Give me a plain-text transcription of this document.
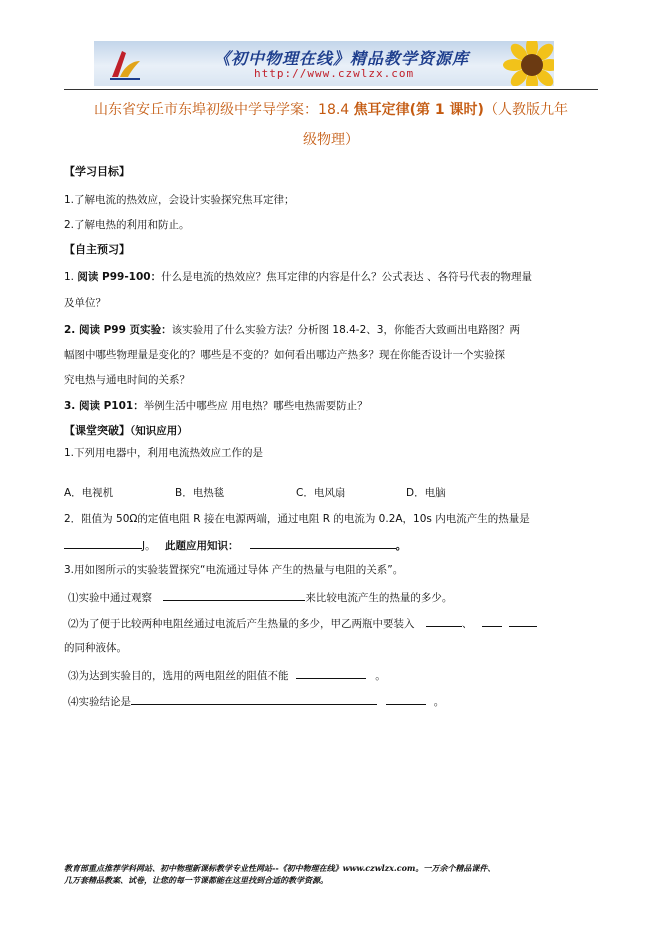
《初中物理在线》精品教学资源库
http://www.czwlzx.com
山东省安丘市东埠初级中学导学案：18.4 焦耳定律(第 1 课时)（人教版九年
级物理）
【学习目标】
1.了解电流的热效应，会设计实验探究焦耳定律；
2.了解电热的利用和防止。
【自主预习】
1. 阅读 P99-100：什么是电流的热效应？焦耳定律的内容是什么？公式表达 、各符号代表的物理量
及单位？
2. 阅读 P99 页实验：该实验用了什么实验方法？分析图 18.4-2、3，你能否大致画出电路图？两
幅图中哪些物理量是变化的？哪些是不变的？如何看出哪边产热多？现在你能否设计一个实验探
究电热与通电时间的关系？
3. 阅读 P101：举例生活中哪些应 用电热？哪些电热需要防止？
【课堂突破】（知识应用）
1.下列用电器中，利用电流热效应工作的是
A．电视机	B．电热毯	C．电风扇	D．电脑
2．阻值为 50Ω的定值电阻 R 接在电源两端，通过电阻 R 的电流为 0.2A，10s 内电流产生的热量是
J。 此题应用知识：	。
3.用如图所示的实验装置探究“电流通过导体 产生的热量与电阻的关系”。
⑴实验中通过观察	来比较电流产生的热量的多少。
⑵为了便于比较两种电阻丝通过电流后产生热量的多少，甲乙两瓶中要装入	、
的同种液体。
⑶为达到实验目的，选用的两电阻丝的阻值不能	。
⑷实验结论是	。
教育部重点推荐学科网站、初中物理新课标教学专业性网站--《初中物理在线》www.czwlzx.com。一万余个精品课件、
几万套精品教案、试卷，让您的每一节课都能在这里找到合适的教学资源。
